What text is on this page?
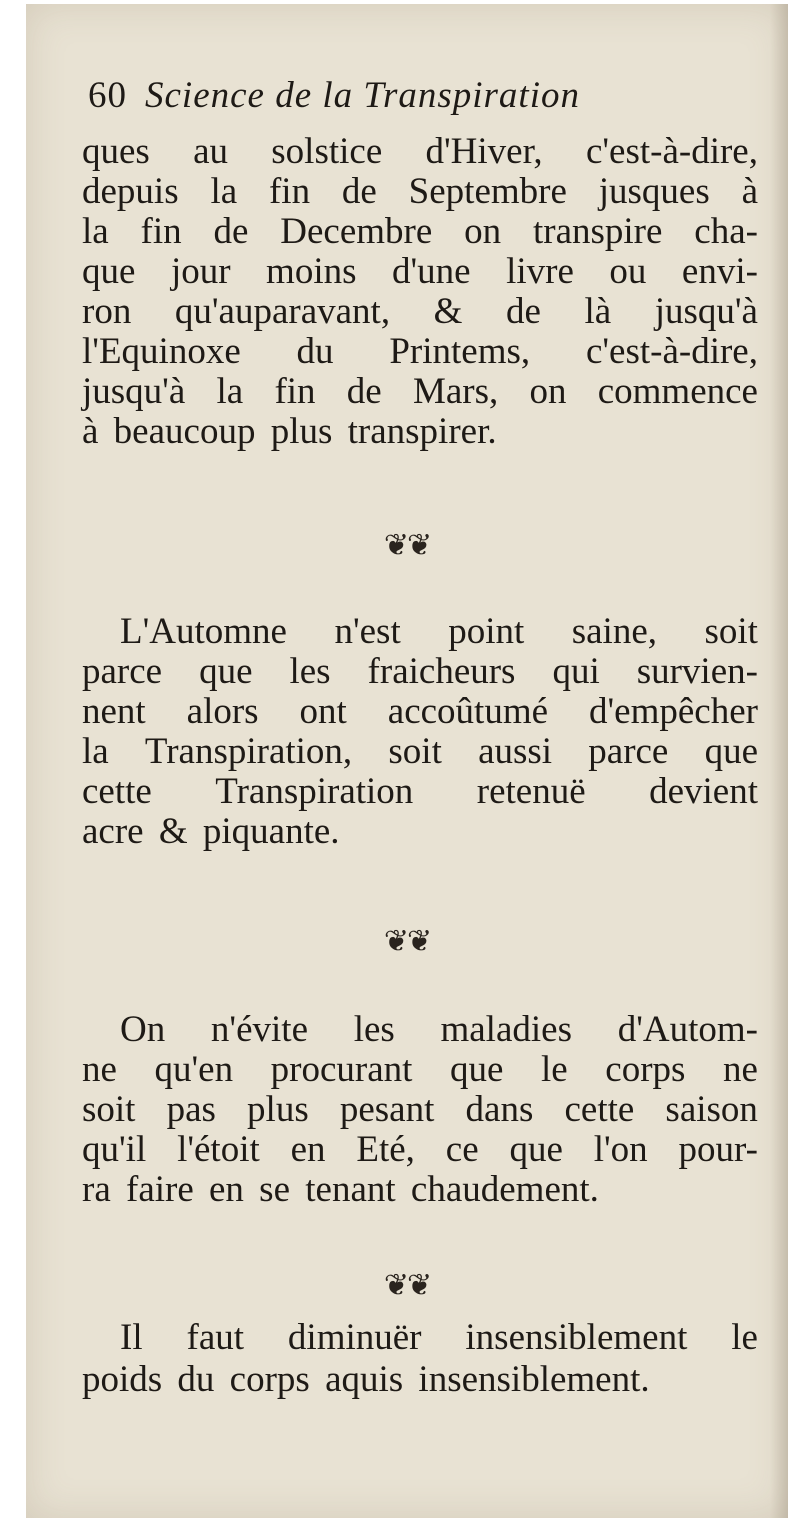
60 Science de la Transpiration
ques au solstice d'Hiver, c'est-à-dire,
depuis la fin de Septembre jusques à
la fin de Decembre on transpire cha-
que jour moins d'une livre ou envi-
ron qu'auparavant, & de là jusqu'à
l'Equinoxe du Printems, c'est-à-dire,
jusqu'à la fin de Mars, on commence
à beaucoup plus transpirer.
❦❦
L'Automne n'est point saine, soit
parce que les fraicheurs qui survien-
nent alors ont accoûtumé d'empêcher
la Transpiration, soit aussi parce que
cette Transpiration retenuë devient
acre & piquante.
❦❦
On n'évite les maladies d'Autom-
ne qu'en procurant que le corps ne
soit pas plus pesant dans cette saison
qu'il l'étoit en Eté, ce que l'on pour-
ra faire en se tenant chaudement.
❦❦
Il faut diminuër insensiblement le
poids du corps aquis insensiblement.
